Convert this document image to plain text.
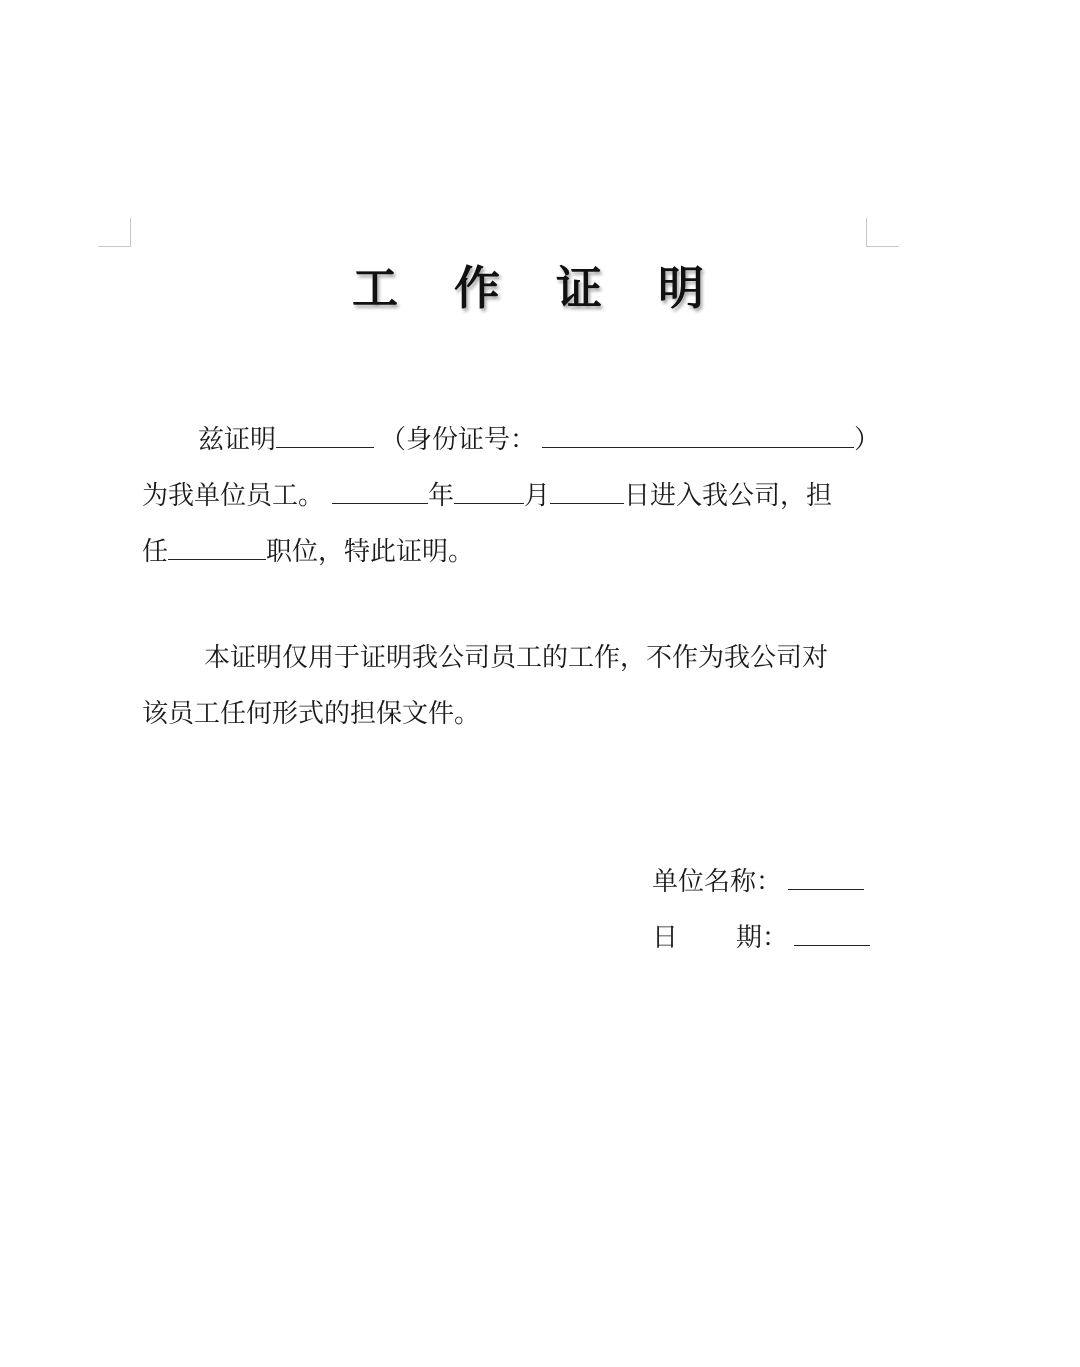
工 作 证 明
兹证明	（身份证号：	）
为我单位员工。	年	月	日进入我公司，担
任	职位，特此证明。
本证明仅用于证明我公司员工的工作，不作为我公司对
该员工任何形式的担保文件。
单位名称：
日 期：
